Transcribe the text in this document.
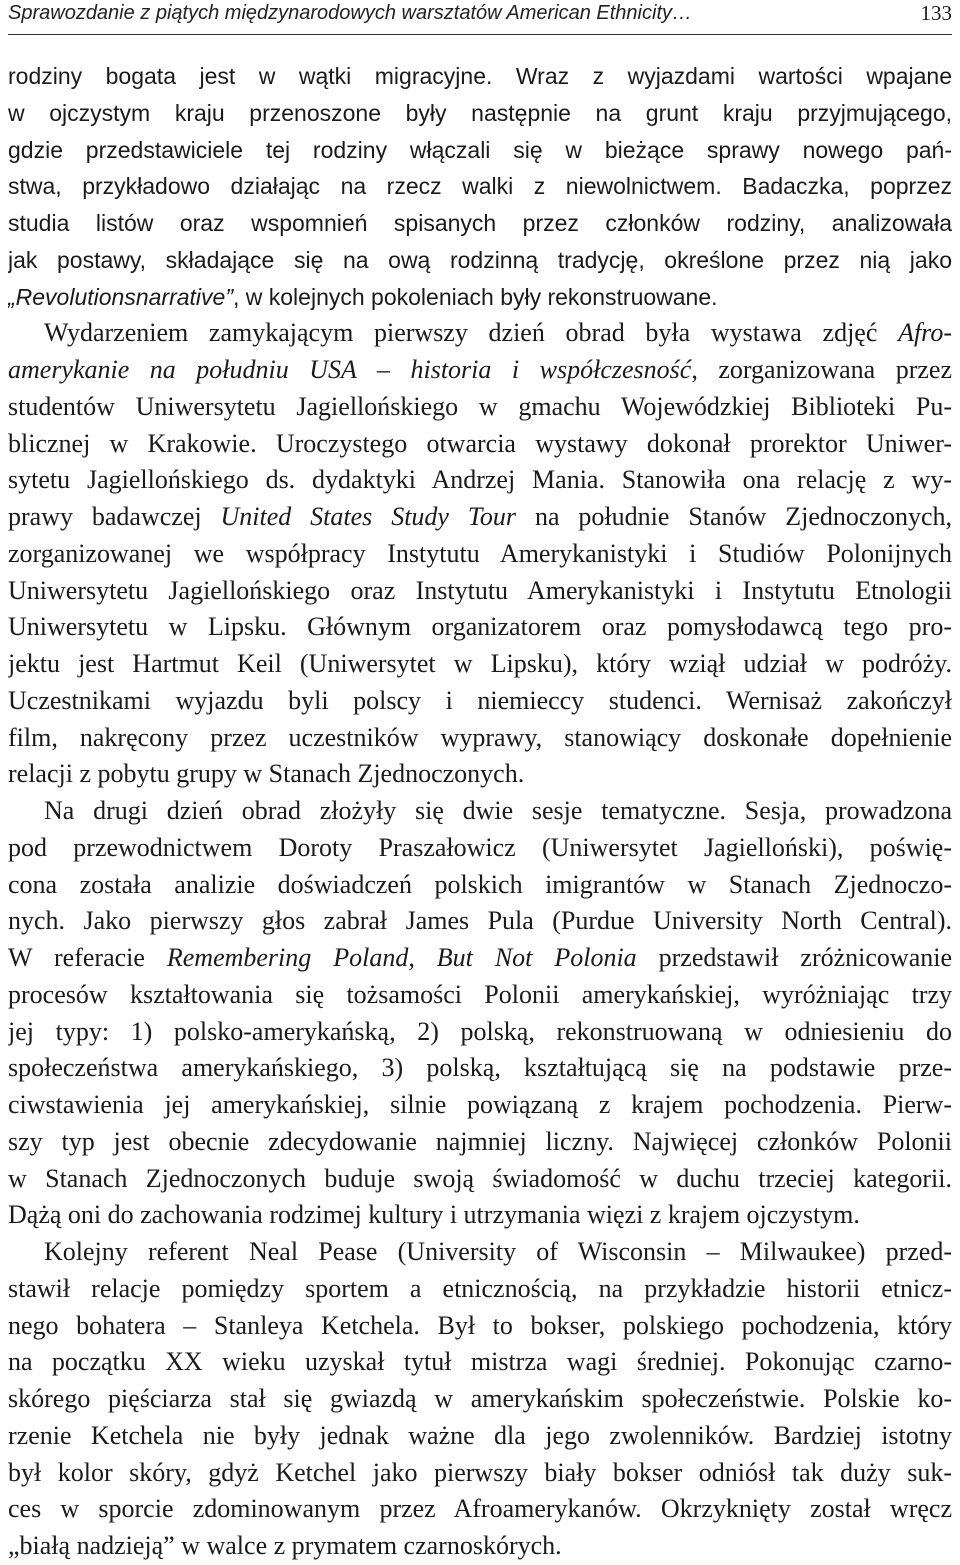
Sprawozdanie z piątych międzynarodowych warsztatów American Ethnicity…	133
rodziny bogata jest w wątki migracyjne. Wraz z wyjazdami wartości wpajane
w ojczystym kraju przenoszone były następnie na grunt kraju przyjmującego,
gdzie przedstawiciele tej rodziny włączali się w bieżące sprawy nowego pań-
stwa, przykładowo działając na rzecz walki z niewolnictwem. Badaczka, poprzez
studia listów oraz wspomnień spisanych przez członków rodziny, analizowała
jak postawy, składające się na ową rodzinną tradycję, określone przez nią jako
„Revolutionsnarrative”, w kolejnych pokoleniach były rekonstruowane.
Wydarzeniem zamykającym pierwszy dzień obrad była wystawa zdjęć Afro-
amerykanie na południu USA – historia i współczesność, zorganizowana przez
studentów Uniwersytetu Jagiellońskiego w gmachu Wojewódzkiej Biblioteki Pu-
blicznej w Krakowie. Uroczystego otwarcia wystawy dokonał prorektor Uniwer-
sytetu Jagiellońskiego ds. dydaktyki Andrzej Mania. Stanowiła ona relację z wy-
prawy badawczej United States Study Tour na południe Stanów Zjednoczonych,
zorganizowanej we współpracy Instytutu Amerykanistyki i Studiów Polonijnych
Uniwersytetu Jagiellońskiego oraz Instytutu Amerykanistyki i Instytutu Etnologii
Uniwersytetu w Lipsku. Głównym organizatorem oraz pomysłodawcą tego pro-
jektu jest Hartmut Keil (Uniwersytet w Lipsku), który wziął udział w podróży.
Uczestnikami wyjazdu byli polscy i niemieccy studenci. Wernisaż zakończył
film, nakręcony przez uczestników wyprawy, stanowiący doskonałe dopełnienie
relacji z pobytu grupy w Stanach Zjednoczonych.
Na drugi dzień obrad złożyły się dwie sesje tematyczne. Sesja, prowadzona
pod przewodnictwem Doroty Praszałowicz (Uniwersytet Jagielloński), poświę-
cona została analizie doświadczeń polskich imigrantów w Stanach Zjednoczo-
nych. Jako pierwszy głos zabrał James Pula (Purdue University North Central).
W referacie Remembering Poland, But Not Polonia przedstawił zróżnicowanie
procesów kształtowania się tożsamości Polonii amerykańskiej, wyróżniając trzy
jej typy: 1) polsko-amerykańską, 2) polską, rekonstruowaną w odniesieniu do
społeczeństwa amerykańskiego, 3) polską, kształtującą się na podstawie prze-
ciwstawienia jej amerykańskiej, silnie powiązaną z krajem pochodzenia. Pierw-
szy typ jest obecnie zdecydowanie najmniej liczny. Najwięcej członków Polonii
w Stanach Zjednoczonych buduje swoją świadomość w duchu trzeciej kategorii.
Dążą oni do zachowania rodzimej kultury i utrzymania więzi z krajem ojczystym.
Kolejny referent Neal Pease (University of Wisconsin – Milwaukee) przed-
stawił relacje pomiędzy sportem a etnicznością, na przykładzie historii etnicz-
nego bohatera – Stanleya Ketchela. Był to bokser, polskiego pochodzenia, który
na początku XX wieku uzyskał tytuł mistrza wagi średniej. Pokonując czarno-
skórego pięściarza stał się gwiazdą w amerykańskim społeczeństwie. Polskie ko-
rzenie Ketchela nie były jednak ważne dla jego zwolenników. Bardziej istotny
był kolor skóry, gdyż Ketchel jako pierwszy biały bokser odniósł tak duży suk-
ces w sporcie zdominowanym przez Afroamerykanów. Okrzyknięty został wręcz
„białą nadzieją” w walce z prymatem czarnoskórych.
